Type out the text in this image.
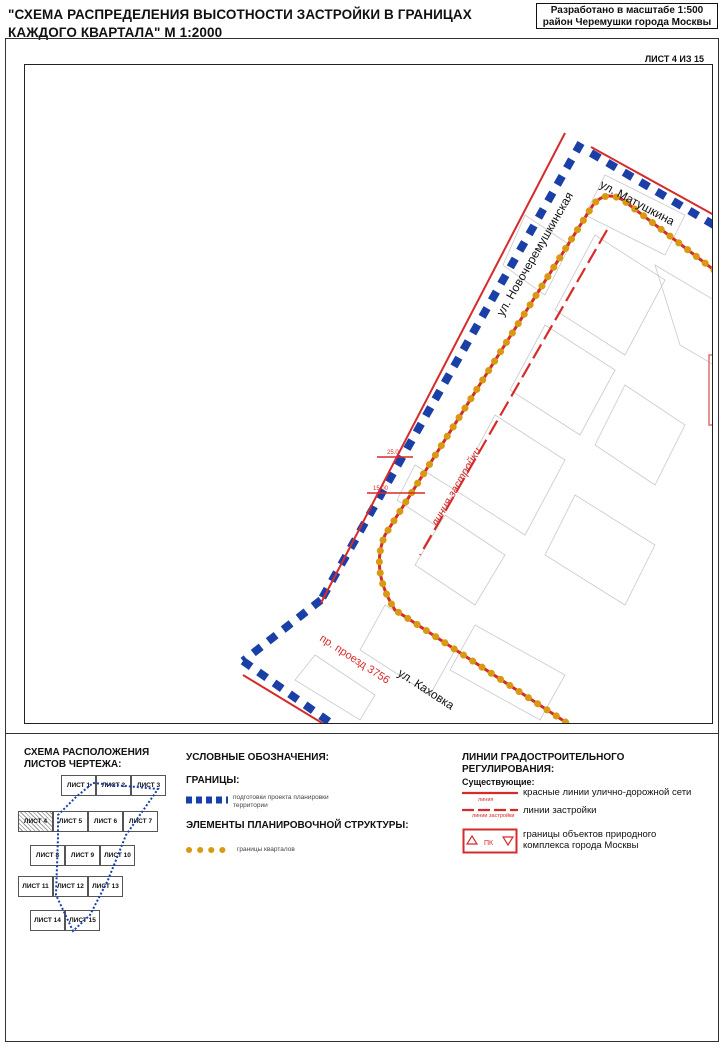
"СХЕМА РАСПРЕДЕЛЕНИЯ ВЫСОТНОСТИ ЗАСТРОЙКИ В ГРАНИЦАХ КАЖДОГО КВАРТАЛА" М 1:2000
Разработано в масштабе 1:500
район Черемушки города Москвы
ЛИСТ 4 ИЗ 15
25.0
15.00
ул. Новочеремушкинская ул. Матушкина
ул. Каховка
пр. проезд 3756
линия застройки
СХЕМА РАСПОЛОЖЕНИЯ ЛИСТОВ ЧЕРТЕЖА:
ЛИСТ 1	ЛИСТ 2	ЛИСТ 3
ЛИСТ 4	ЛИСТ 5	ЛИСТ 6	ЛИСТ 7
ЛИСТ 8	ЛИСТ 9	ЛИСТ 10
ЛИСТ 11	ЛИСТ 12	ЛИСТ 13
ЛИСТ 14	ЛИСТ 15
УСЛОВНЫЕ ОБОЗНАЧЕНИЯ:
ГРАНИЦЫ:
подготовки проекта планировки территории
ЭЛЕМЕНТЫ ПЛАНИРОВОЧНОЙ СТРУКТУРЫ:
границы кварталов
ЛИНИИ ГРАДОСТРОИТЕЛЬНОГО РЕГУЛИРОВАНИЯ:
Существующие:
линия
красные линии улично-дорожной сети
линии застройки линии застройки
ПК
границы объектов природного комплекса города Москвы
